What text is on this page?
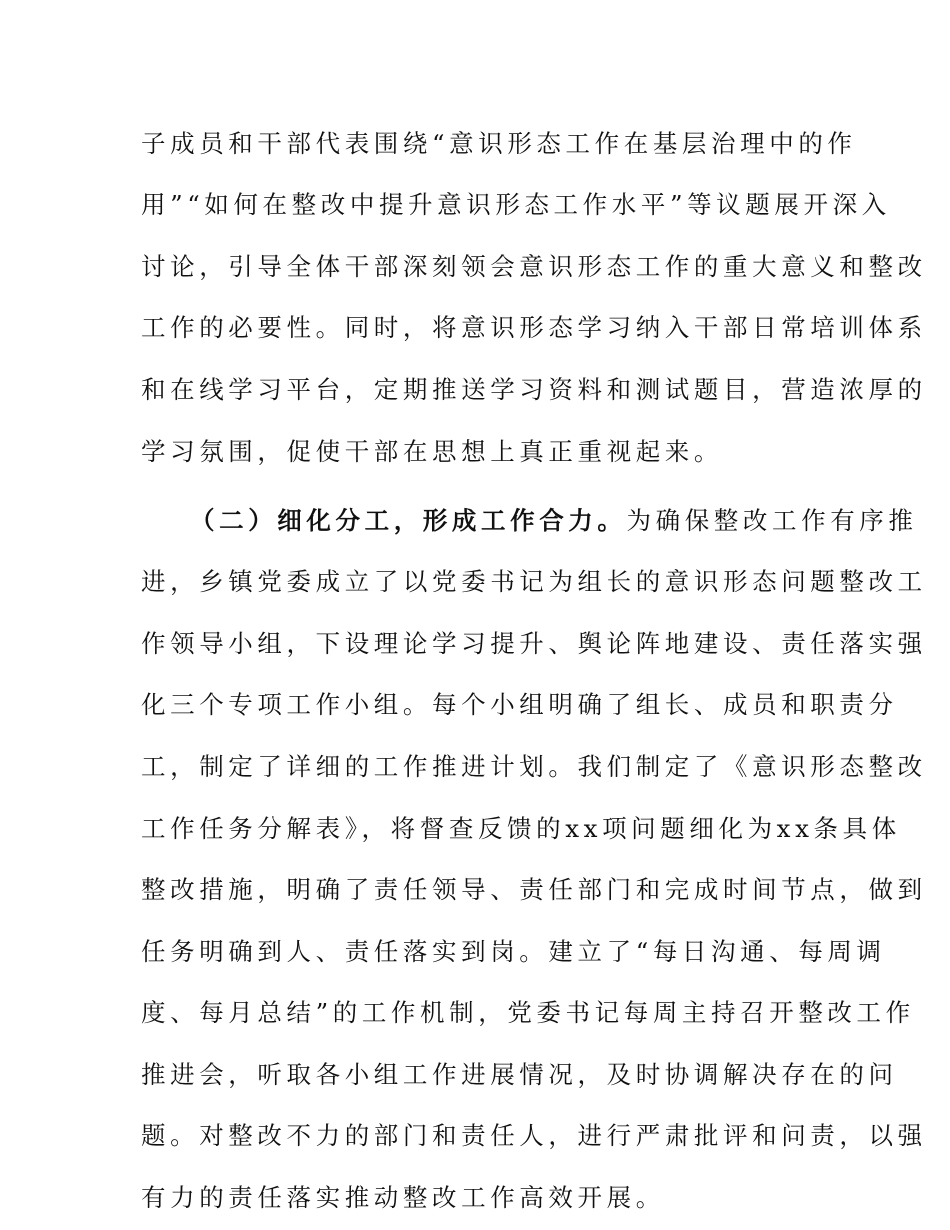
子成员和干部代表围绕“意识形态工作在基层治理中的作
用”“如何在整改中提升意识形态工作水平”等议题展开深入
讨论，引导全体干部深刻领会意识形态工作的重大意义和整改
工作的必要性。同时，将意识形态学习纳入干部日常培训体系
和在线学习平台，定期推送学习资料和测试题目，营造浓厚的
学习氛围，促使干部在思想上真正重视起来。
（二）细化分工，形成工作合力。为确保整改工作有序推
进，乡镇党委成立了以党委书记为组长的意识形态问题整改工
作领导小组，下设理论学习提升、舆论阵地建设、责任落实强
化三个专项工作小组。每个小组明确了组长、成员和职责分
工，制定了详细的工作推进计划。我们制定了《意识形态整改
工作任务分解表》，将督查反馈的xx项问题细化为xx条具体
整改措施，明确了责任领导、责任部门和完成时间节点，做到
任务明确到人、责任落实到岗。建立了“每日沟通、每周调
度、每月总结”的工作机制，党委书记每周主持召开整改工作
推进会，听取各小组工作进展情况，及时协调解决存在的问
题。对整改不力的部门和责任人，进行严肃批评和问责，以强
有力的责任落实推动整改工作高效开展。
